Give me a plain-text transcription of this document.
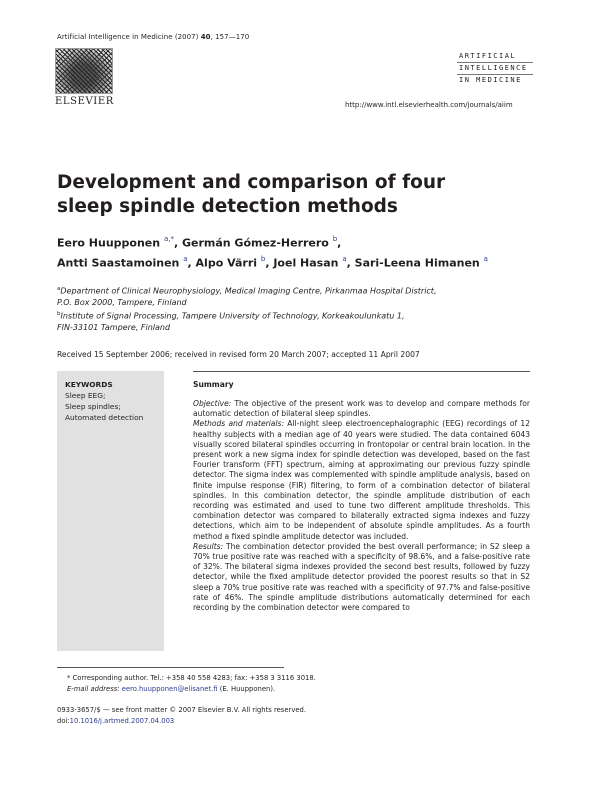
Artificial Intelligence in Medicine (2007) 40, 157—170
ELSEVIER
ARTIFICIAL
INTELLIGENCE
IN MEDICINE
http://www.intl.elsevierhealth.com/journals/aiim
Development and comparison of four sleep spindle detection methods
Eero Huupponen $^{a,*}$, Germán Gómez-Herrero $^b$,
Antti Saastamoinen $^a$, Alpo Värri $^b$, Joel Hasan $^a$, Sari-Leena Himanen $^a$
$^a$Department of Clinical Neurophysiology, Medical Imaging Centre, Pirkanmaa Hospital District,
P.O. Box 2000, Tampere, Finland
$^b$Institute of Signal Processing, Tampere University of Technology, Korkeakoulunkatu 1,
FIN-33101 Tampere, Finland
Received 15 September 2006; received in revised form 20 March 2007; accepted 11 April 2007
KEYWORDS
Sleep EEG;
Sleep spindles;
Automated detection
Summary

Objective: The objective of the present work was to develop and compare methods for automatic detection of bilateral sleep spindles.
Methods and materials: All-night sleep electroencephalographic (EEG) recordings of 12 healthy subjects with a median age of 40 years were studied. The data contained 6043 visually scored bilateral spindles occurring in frontopolar or central brain location. In the present work a new sigma index for spindle detection was developed, based on the fast Fourier transform (FFT) spectrum, aiming at approximating our previous fuzzy spindle detector. The sigma index was complemented with spindle amplitude analysis, based on finite impulse response (FIR) filtering, to form of a combination detector of bilateral spindles. In this combination detector, the spindle amplitude distribution of each recording was estimated and used to tune two different amplitude thresholds. This combination detector was compared to bilaterally extracted sigma indexes and fuzzy detections, which aim to be independent of absolute spindle amplitudes. As a fourth method a fixed spindle amplitude detector was included.
Results: The combination detector provided the best overall performance; in S2 sleep a 70% true positive rate was reached with a specificity of 98.6%, and a false-positive rate of 32%. The bilateral sigma indexes provided the second best results, followed by fuzzy detector, while the fixed amplitude detector provided the poorest results so that in S2 sleep a 70% true positive rate was reached with a specificity of 97.7% and false-positive rate of 46%. The spindle amplitude distributions automatically determined for each recording by the combination detector were compared to

* Corresponding author. Tel.: +358 40 558 4283; fax: +358 3 3116 3018.
E-mail address: eero.huupponen@elisanet.fi (E. Huupponen).
0933-3657/$ — see front matter © 2007 Elsevier B.V. All rights reserved.
doi:10.1016/j.artmed.2007.04.003
